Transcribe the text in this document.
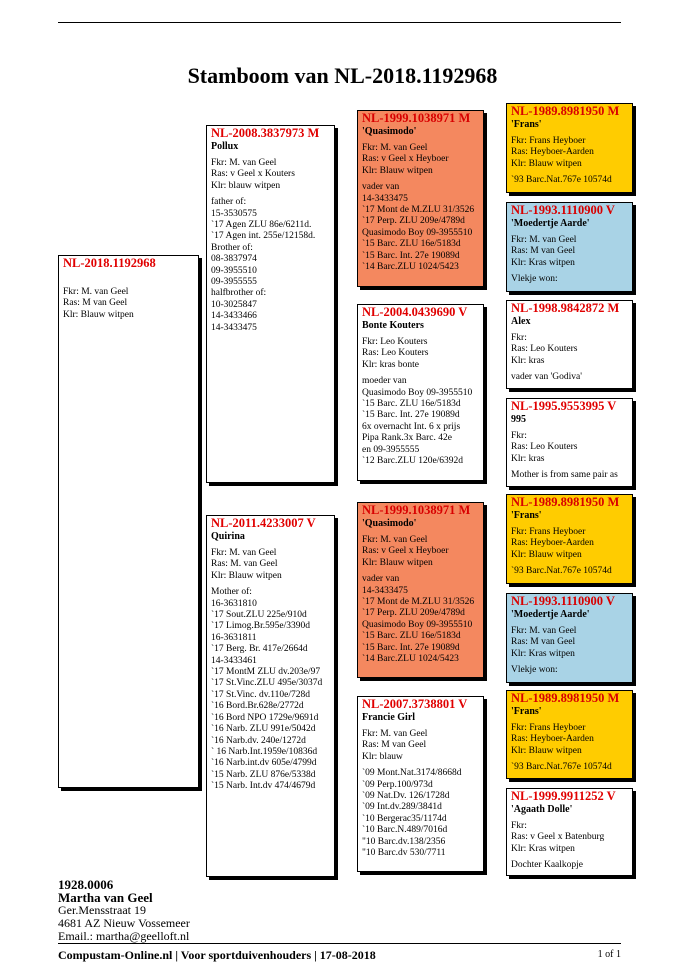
Stamboom van NL-2018.1192968
NL-2018.1192968
Fkr: M. van Geel
Ras: M van Geel
Klr: Blauw witpen
NL-2008.3837973 M
Pollux
Fkr: M. van Geel
Ras: v Geel x Kouters
Klr: blauw witpen
father of:
15-3530575
`17 Agen ZLU 86e/6211d.
`17 Agen int. 255e/12158d.
Brother of:
08-3837974
09-3955510
09-3955555
halfbrother of:
10-3025847
14-3433466
14-3433475
NL-2011.4233007 V
Quirina
Fkr: M. van Geel
Ras: M. van Geel
Klr: Blauw witpen
Mother of:
16-3631810
`17 Sout.ZLU 225e/910d
`17 Limog.Br.595e/3390d
16-3631811
`17 Berg. Br. 417e/2664d
14-3433461
`17 MontM ZLU dv.203e/97
`17 St.Vinc.ZLU 495e/3037d
`17 St.Vinc. dv.110e/728d
`16 Bord.Br.628e/2772d
`16 Bord NPO 1729e/9691d
`16 Narb. ZLU 991e/5042d
`16 Narb.dv. 240e/1272d
` 16 Narb.Int.1959e/10836d
`16 Narb.int.dv 605e/4799d
`15 Narb. ZLU 876e/5338d
`15 Narb. Int.dv 474/4679d
NL-1999.1038971 M
'Quasimodo'
Fkr: M. van Geel
Ras: v Geel x Heyboer
Klr: Blauw witpen
vader van
14-3433475
`17 Mont de M.ZLU 31/3526
`17 Perp. ZLU 209e/4789d
Quasimodo Boy 09-3955510
`15 Barc. ZLU 16e/5183d
`15 Barc. Int. 27e 19089d
`14 Barc.ZLU 1024/5423
NL-2004.0439690 V
Bonte Kouters
Fkr: Leo Kouters
Ras: Leo Kouters
Klr: kras bonte
moeder van
Quasimodo Boy 09-3955510
`15 Barc. ZLU 16e/5183d
`15 Barc. Int. 27e 19089d
6x overnacht Int. 6 x prijs
Pipa Rank.3x Barc. 42e
en 09-3955555
`12 Barc.ZLU 120e/6392d
NL-1999.1038971 M
'Quasimodo'
Fkr: M. van Geel
Ras: v Geel x Heyboer
Klr: Blauw witpen
vader van
14-3433475
`17 Mont de M.ZLU 31/3526
`17 Perp. ZLU 209e/4789d
Quasimodo Boy 09-3955510
`15 Barc. ZLU 16e/5183d
`15 Barc. Int. 27e 19089d
`14 Barc.ZLU 1024/5423
NL-2007.3738801 V
Francie Girl
Fkr: M. van Geel
Ras: M van Geel
Klr: blauw
`09 Mont.Nat.3174/8668d
`09 Perp.100/973d
`09 Nat.Dv. 126/1728d
`09 Int.dv.289/3841d
`10 Bergerac35/1174d
`10 Barc.N.489/7016d
"10 Barc.dv.138/2356
"10 Barc.dv 530/7711
NL-1989.8981950 M
'Frans'
Fkr: Frans Heyboer
Ras: Heyboer-Aarden
Klr: Blauw witpen
`93 Barc.Nat.767e 10574d
NL-1993.1110900 V
'Moedertje Aarde'
Fkr: M. van Geel
Ras: M van Geel
Klr: Kras witpen
Vlekje won:
NL-1998.9842872 M
Alex
Fkr:
Ras: Leo Kouters
Klr: kras
vader van 'Godiva'
NL-1995.9553995 V
995
Fkr:
Ras: Leo Kouters
Klr: kras
Mother is from same pair as
NL-1989.8981950 M
'Frans'
Fkr: Frans Heyboer
Ras: Heyboer-Aarden
Klr: Blauw witpen
`93 Barc.Nat.767e 10574d
NL-1993.1110900 V
'Moedertje Aarde'
Fkr: M. van Geel
Ras: M van Geel
Klr: Kras witpen
Vlekje won:
NL-1989.8981950 M
'Frans'
Fkr: Frans Heyboer
Ras: Heyboer-Aarden
Klr: Blauw witpen
`93 Barc.Nat.767e 10574d
NL-1999.9911252 V
'Agaath Dolle'
Fkr:
Ras: v Geel x Batenburg
Klr: Kras witpen
Dochter Kaalkopje
1928.0006
Martha van Geel
Ger.Mensstraat 19
4681 AZ Nieuw Vossemeer
Email.: martha@geelloft.nl
Compustam-Online.nl | Voor sportduivenhouders | 17-08-2018	1 of 1
